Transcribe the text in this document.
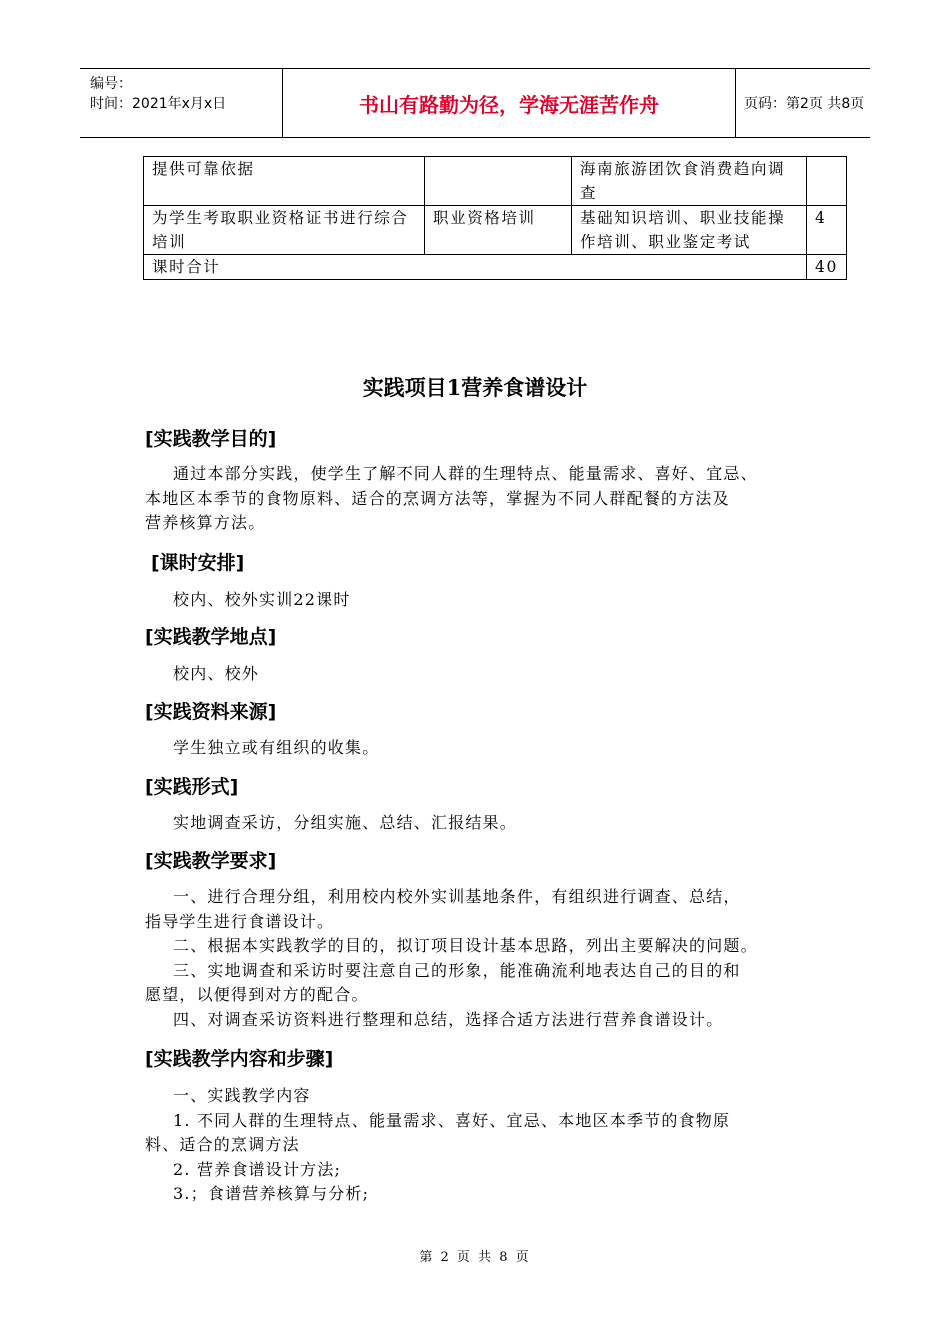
编号：
时间：2021年x月x日	书山有路勤为径，学海无涯苦作舟	页码：第2页 共8页
提供可靠依据		海南旅游团饮食消费趋向调查	
为学生考取职业资格证书进行综合培训	职业资格培训	基础知识培训、职业技能操作培训、职业鉴定考试	4
课时合计			40
实践项目1营养食谱设计
[实践教学目的]
通过本部分实践，使学生了解不同人群的生理特点、能量需求、喜好、宜忌、
本地区本季节的食物原料、适合的烹调方法等，掌握为不同人群配餐的方法及
营养核算方法。
[课时安排]
校内、校外实训22课时
[实践教学地点]
校内、校外
[实践资料来源]
学生独立或有组织的收集。
[实践形式]
实地调查采访，分组实施、总结、汇报结果。
[实践教学要求]
一、进行合理分组，利用校内校外实训基地条件，有组织进行调查、总结，
指导学生进行食谱设计。
二、根据本实践教学的目的，拟订项目设计基本思路，列出主要解决的问题。
三、实地调查和采访时要注意自己的形象，能准确流利地表达自己的目的和
愿望，以便得到对方的配合。
四、对调查采访资料进行整理和总结，选择合适方法进行营养食谱设计。
[实践教学内容和步骤]
一、实践教学内容
1. 不同人群的生理特点、能量需求、喜好、宜忌、本地区本季节的食物原
料、适合的烹调方法
2. 营养食谱设计方法;
3.；食谱营养核算与分析;
第 2 页 共 8 页
